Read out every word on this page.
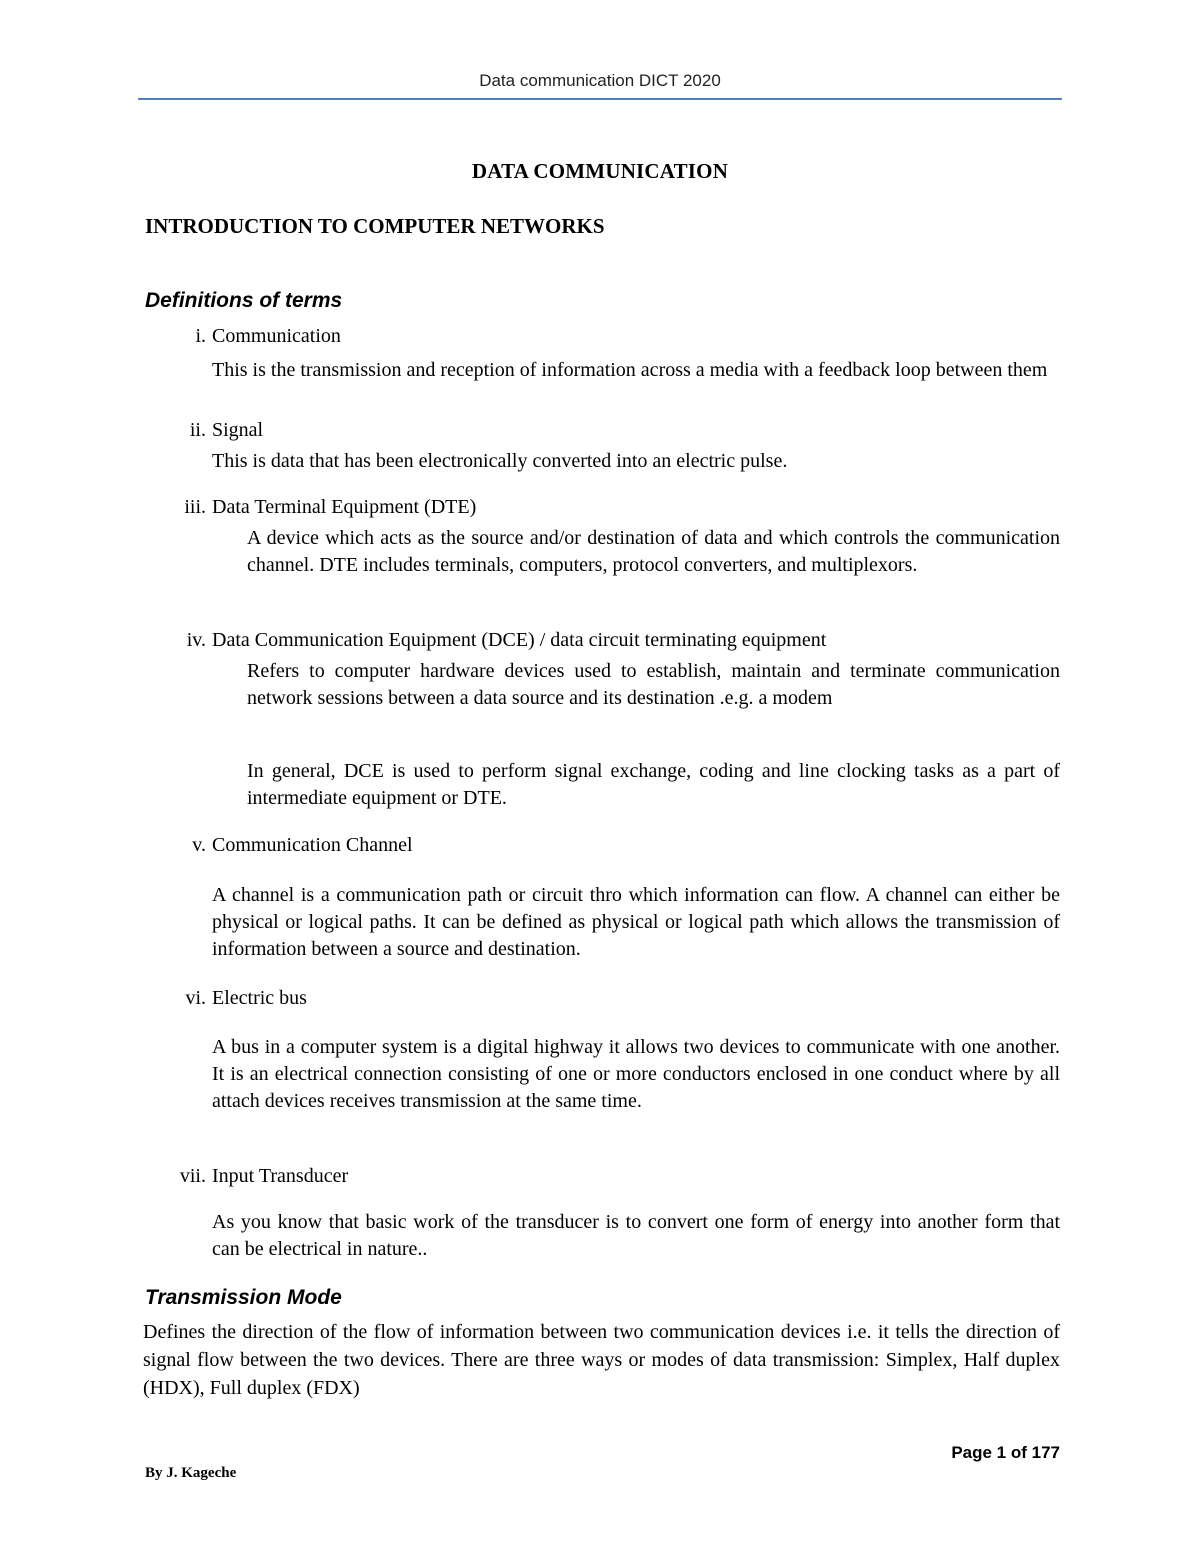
Data communication DICT 2020
DATA COMMUNICATION
INTRODUCTION TO COMPUTER NETWORKS
Definitions of terms
i. Communication
This is the transmission and reception of information across a media with a feedback loop between them
ii. Signal
This is data that has been electronically converted into an electric pulse.
iii. Data Terminal Equipment (DTE)
A device which acts as the source and/or destination of data and which controls the communication channel. DTE includes terminals, computers, protocol converters, and multiplexors.
iv. Data Communication Equipment (DCE) / data circuit terminating equipment
Refers to computer hardware devices used to establish, maintain and terminate communication network sessions between a data source and its destination .e.g. a modem
In general, DCE is used to perform signal exchange, coding and line clocking tasks as a part of intermediate equipment or DTE.
v. Communication Channel
A channel is a communication path or circuit thro which information can flow. A channel can either be physical or logical paths. It can be defined as physical or logical path which allows the transmission of information between a source and destination.
vi. Electric bus
A bus in a computer system is a digital highway it allows two devices to communicate with one another. It is an electrical connection consisting of one or more conductors enclosed in one conduct where by all attach devices receives transmission at the same time.
vii. Input Transducer
As you know that basic work of the transducer is to convert one form of energy into another form that can be electrical in nature..
Transmission Mode
Defines the direction of the flow of information between two communication devices i.e. it tells the direction of signal flow between the two devices. There are three ways or modes of data transmission: Simplex, Half duplex (HDX), Full duplex (FDX)
Page 1 of 177
By J. Kageche
